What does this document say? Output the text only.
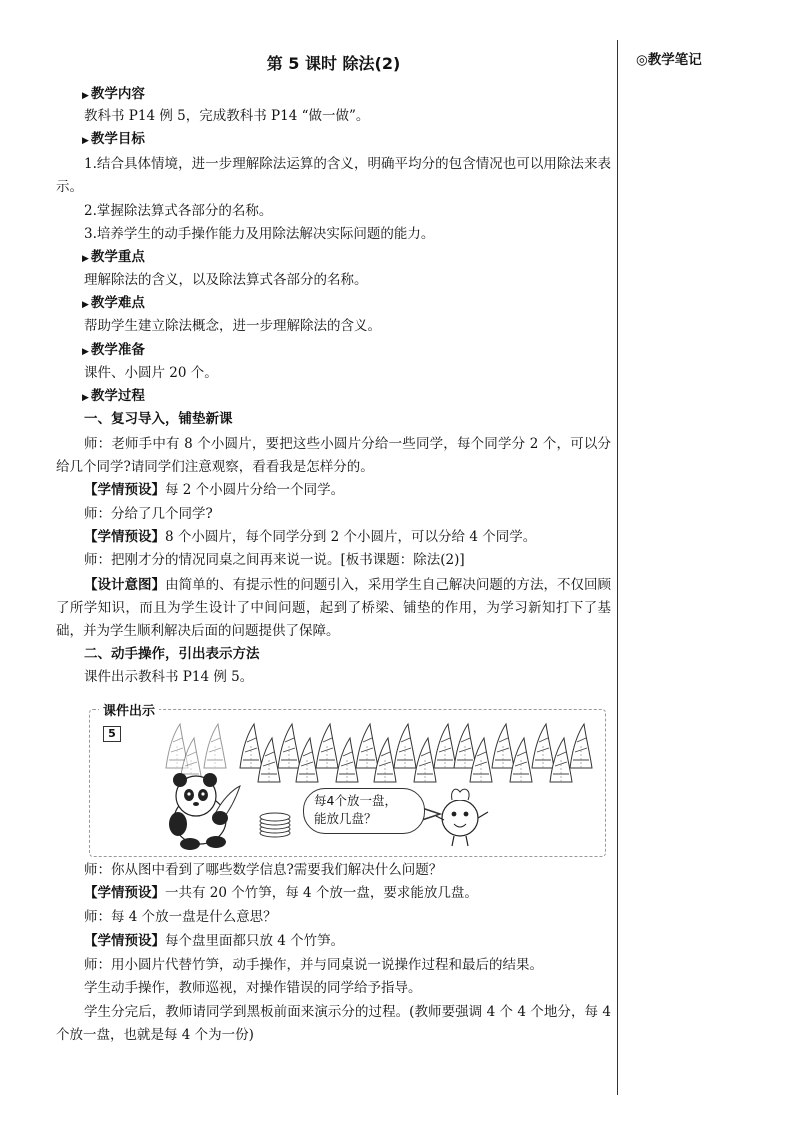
◎教学笔记
第 5 课时 除法(2)
▶ 教学内容
教科书 P14 例 5，完成教科书 P14 “做一做”。
▶ 教学目标
1.结合具体情境，进一步理解除法运算的含义，明确平均分的包含情况也可以用除法来表示。
2.掌握除法算式各部分的名称。
3.培养学生的动手操作能力及用除法解决实际问题的能力。
▶ 教学重点
理解除法的含义，以及除法算式各部分的名称。
▶ 教学难点
帮助学生建立除法概念，进一步理解除法的含义。
▶ 教学准备
课件、小圆片 20 个。
▶ 教学过程
一、复习导入，铺垫新课
师：老师手中有 8 个小圆片，要把这些小圆片分给一些同学，每个同学分 2 个，可以分给几个同学?请同学们注意观察，看看我是怎样分的。
【学情预设】每 2 个小圆片分给一个同学。
师：分给了几个同学?
【学情预设】8 个小圆片，每个同学分到 2 个小圆片，可以分给 4 个同学。
师：把刚才分的情况同桌之间再来说一说。[板书课题：除法(2)]
【设计意图】由简单的、有提示性的问题引入，采用学生自己解决问题的方法，不仅回顾了所学知识，而且为学生设计了中间问题，起到了桥梁、铺垫的作用，为学习新知打下了基础，并为学生顺利解决后面的问题提供了保障。
二、动手操作，引出表示方法
课件出示教科书 P14 例 5。
师：你从图中看到了哪些数学信息?需要我们解决什么问题？
【学情预设】一共有 20 个竹笋，每 4 个放一盘，要求能放几盘。
师：每 4 个放一盘是什么意思？
【学情预设】每个盘里面都只放 4 个竹笋。
师：用小圆片代替竹笋，动手操作，并与同桌说一说操作过程和最后的结果。
学生动手操作，教师巡视，对操作错误的同学给予指导。
学生分完后，教师请同学到黑板前面来演示分的过程。(教师要强调 4 个 4 个地分，每 4 个放一盘，也就是每 4 个为一份)
课件出示
5
每4个放一盘，
能放几盘？
